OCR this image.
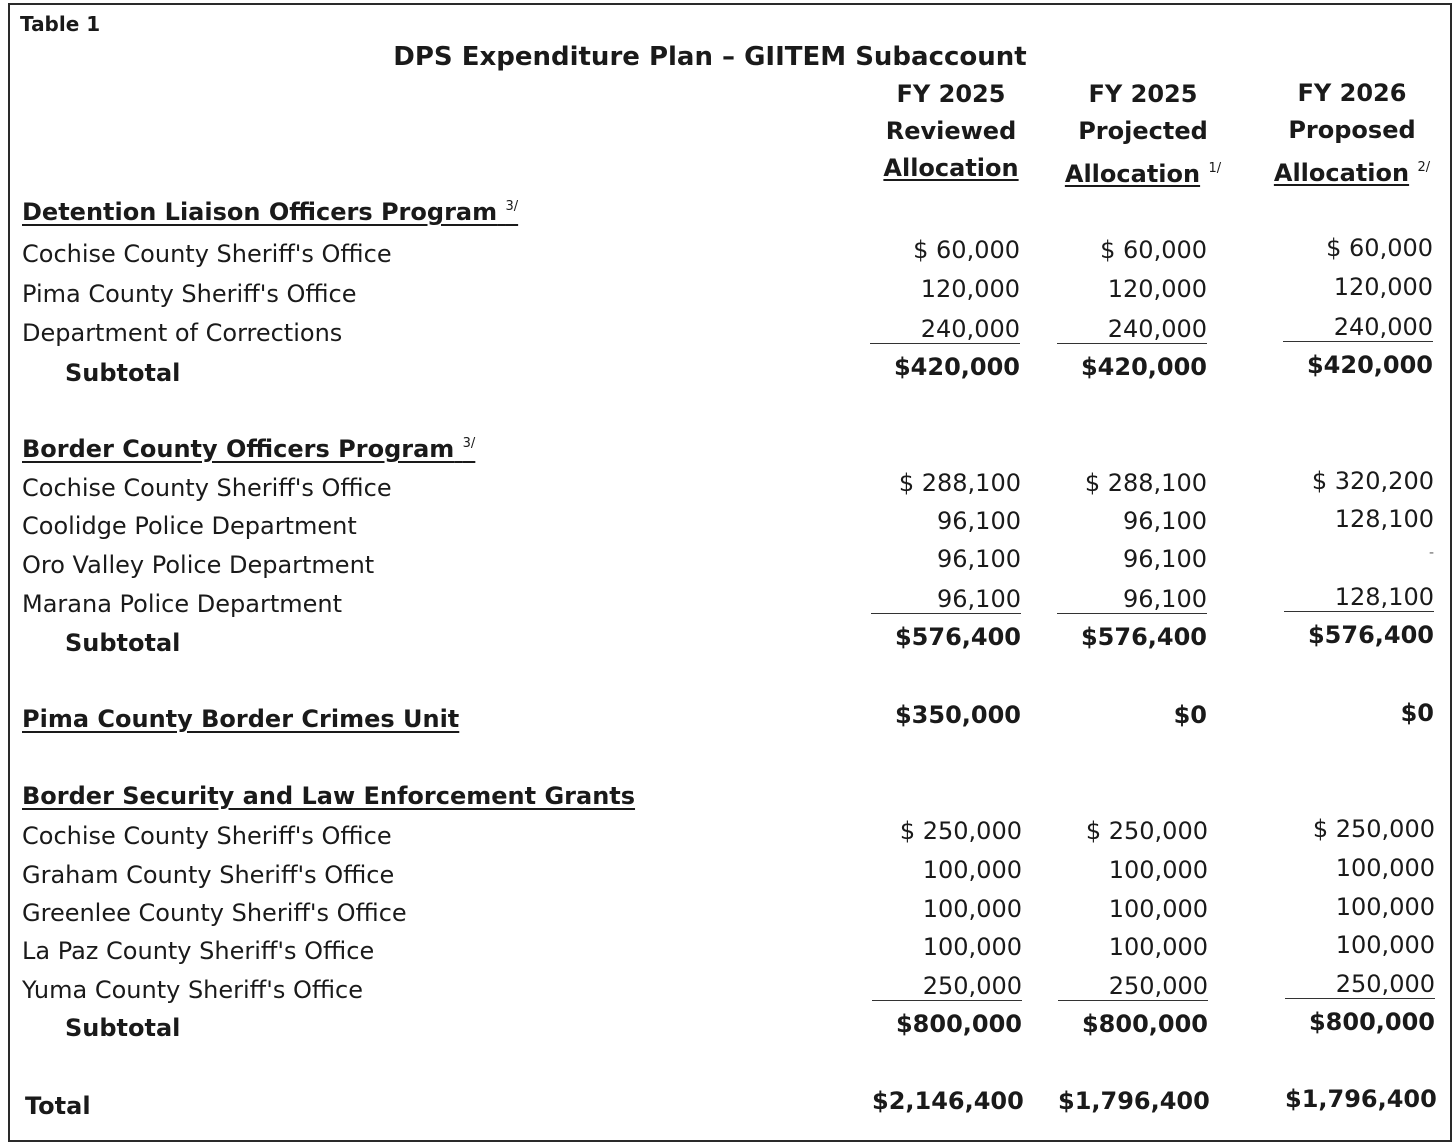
Table 1
DPS Expenditure Plan – GIITEM Subaccount
FY 2025
Reviewed
Allocation
FY 2025
Projected
Allocation $^{1/}$
FY 2026
Proposed
Allocation $^{2/}$
Detention Liaison Officers Program $^{3/}$
Cochise County Sheriff's Office	$ 60,000	$ 60,000	$ 60,000
Pima County Sheriff's Office	120,000	120,000	120,000
Department of Corrections	240,000	240,000	240,000
Subtotal	$420,000	$420,000	$420,000
Border County Officers Program $^{3/}$
Cochise County Sheriff's Office	$ 288,100	$ 288,100	$ 320,200
Coolidge Police Department	96,100	96,100	128,100
Oro Valley Police Department	96,100	96,100	-
Marana Police Department	96,100	96,100	128,100
Subtotal	$576,400	$576,400	$576,400
Pima County Border Crimes Unit	$350,000	$0	$0
Border Security and Law Enforcement Grants
Cochise County Sheriff's Office	$ 250,000	$ 250,000	$ 250,000
Graham County Sheriff's Office	100,000	100,000	100,000
Greenlee County Sheriff's Office	100,000	100,000	100,000
La Paz County Sheriff's Office	100,000	100,000	100,000
Yuma County Sheriff's Office	250,000	250,000	250,000
Subtotal	$800,000	$800,000	$800,000
Total	$2,146,400 $1,796,400	$1,796,400
